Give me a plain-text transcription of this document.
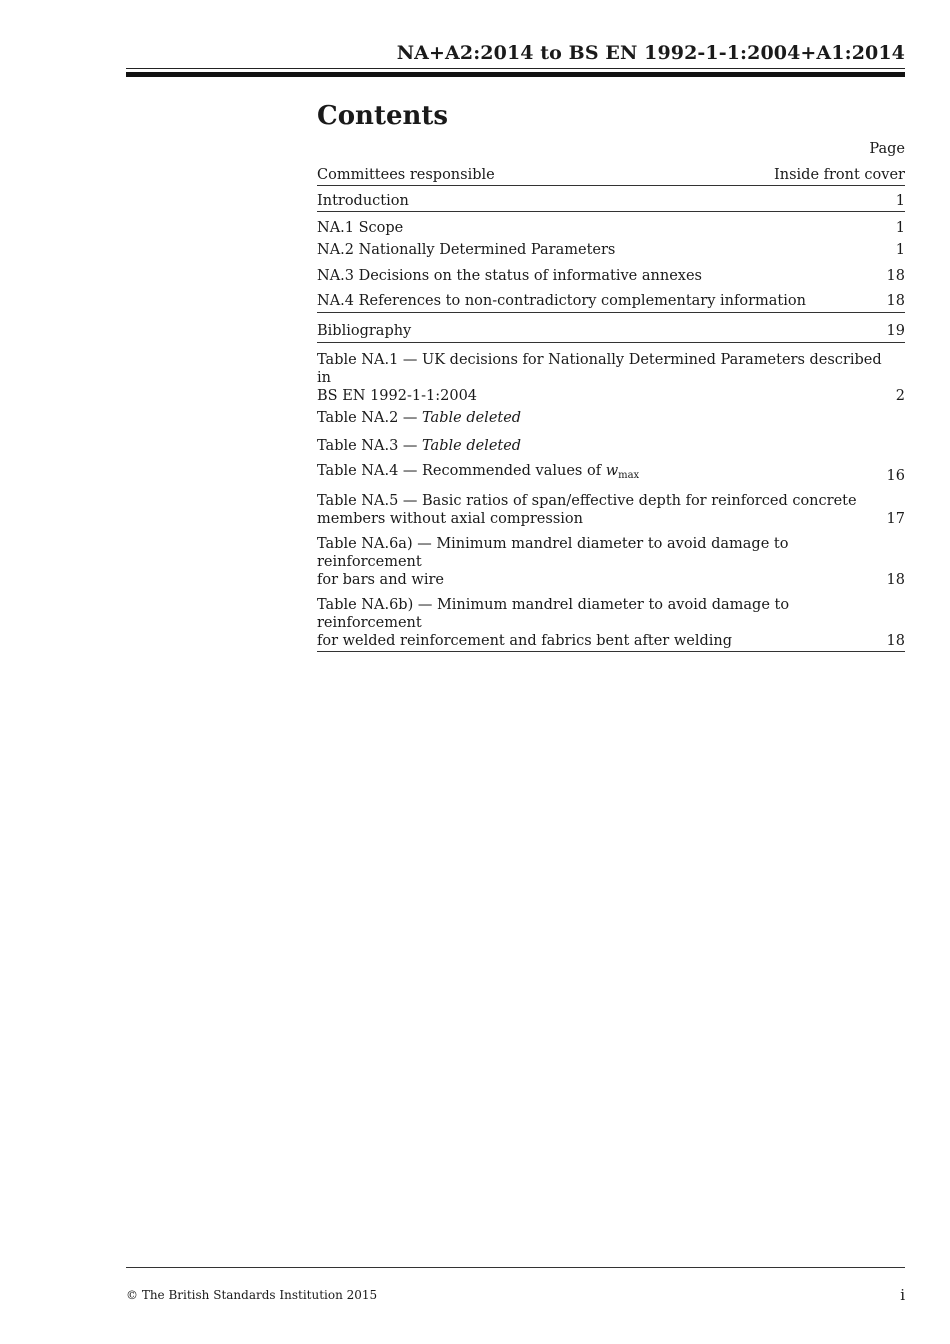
NA+A2:2014 to BS EN 1992-1-1:2004+A1:2014
Contents
Page
Committees responsible	Inside front cover
Introduction	1
NA.1 Scope	1
NA.2 Nationally Determined Parameters	1
NA.3 Decisions on the status of informative annexes	18
NA.4 References to non-contradictory complementary information	18
Bibliography	19
Table NA.1 — UK decisions for Nationally Determined Parameters described in
BS EN 1992-1-1:2004	2
Table NA.2 — Table deleted
Table NA.3 — Table deleted
Table NA.4 — Recommended values of $w_{max}$	16
Table NA.5 — Basic ratios of span/effective depth for reinforced concrete
members without axial compression	17
Table NA.6a) — Minimum mandrel diameter to avoid damage to reinforcement
for bars and wire	18
Table NA.6b) — Minimum mandrel diameter to avoid damage to reinforcement
for welded reinforcement and fabrics bent after welding	18
© The British Standards Institution 2015	i
